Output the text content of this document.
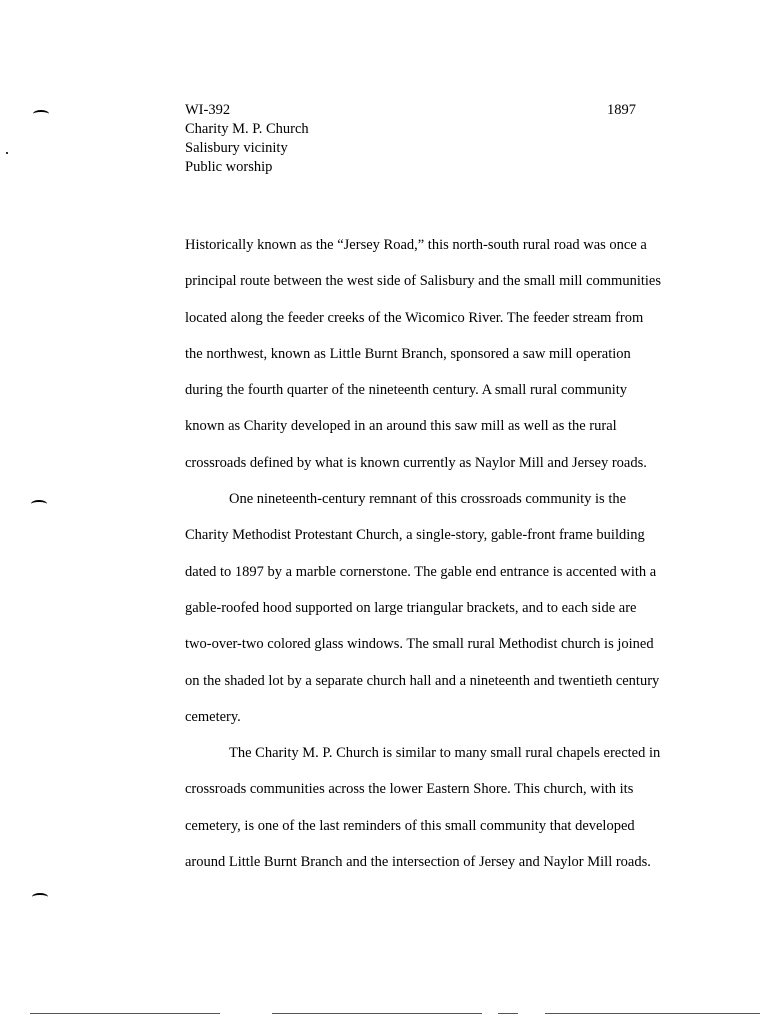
WI-392
Charity M. P. Church
Salisbury vicinity
Public worship
1897
Historically known as the “Jersey Road,” this north-south rural road was once a
principal route between the west side of Salisbury and the small mill communities
located along the feeder creeks of the Wicomico River. The feeder stream from
the northwest, known as Little Burnt Branch, sponsored a saw mill operation
during the fourth quarter of the nineteenth century. A small rural community
known as Charity developed in an around this saw mill as well as the rural
crossroads defined by what is known currently as Naylor Mill and Jersey roads.
One nineteenth-century remnant of this crossroads community is the
Charity Methodist Protestant Church, a single-story, gable-front frame building
dated to 1897 by a marble cornerstone. The gable end entrance is accented with a
gable-roofed hood supported on large triangular brackets, and to each side are
two-over-two colored glass windows. The small rural Methodist church is joined
on the shaded lot by a separate church hall and a nineteenth and twentieth century
cemetery.
The Charity M. P. Church is similar to many small rural chapels erected in
crossroads communities across the lower Eastern Shore. This church, with its
cemetery, is one of the last reminders of this small community that developed
around Little Burnt Branch and the intersection of Jersey and Naylor Mill roads.
